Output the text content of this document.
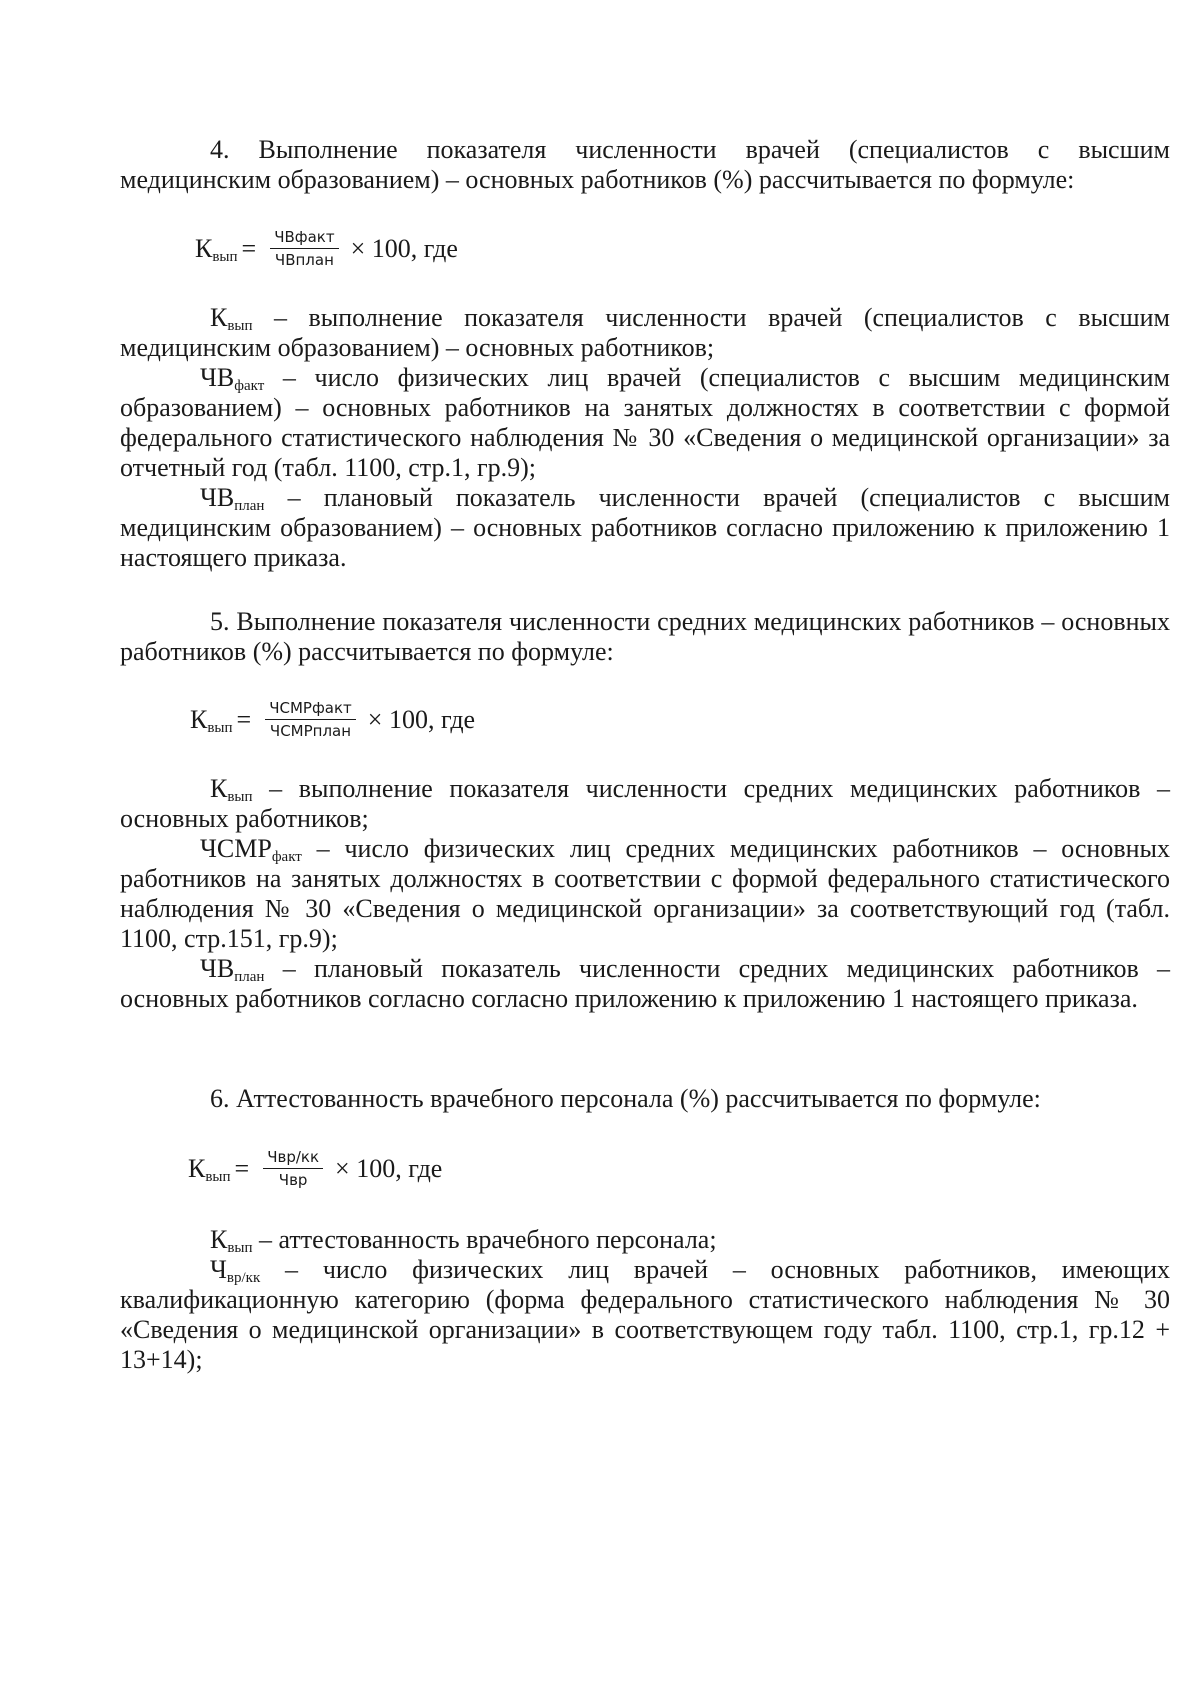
4. Выполнение показателя численности врачей (специалистов с высшим медицинским образованием) – основных работников (%) рассчитывается по формуле:

$К_{вып} = \frac{\text{ЧВфакт}}{\text{ЧВплан}} \times 100$, где

$К_{вып}$ – выполнение показателя численности врачей (специалистов с высшим медицинским образованием) – основных работников;

$ЧВ_{факт}$ – число физических лиц врачей (специалистов с высшим медицинским образованием) – основных работников на занятых должностях в соответствии с формой федерального статистического наблюдения № 30 «Сведения о медицинской организации» за отчетный год (табл. 1100, стр.1, гр.9);

$ЧВ_{план}$ – плановый показатель численности врачей (специалистов с высшим медицинским образованием) – основных работников согласно приложению к приложению 1 настоящего приказа.

5. Выполнение показателя численности средних медицинских работников – основных работников (%) рассчитывается по формуле:

$К_{вып} = \frac{\text{ЧСМРфакт}}{\text{ЧСМРплан}} \times 100$, где

$К_{вып}$ – выполнение показателя численности средних медицинских работников – основных работников;

$ЧСМР_{факт}$ – число физических лиц средних медицинских работников – основных работников на занятых должностях в соответствии с формой федерального статистического наблюдения № 30 «Сведения о медицинской организации» за соответствующий год (табл. 1100, стр.151, гр.9);

$ЧВ_{план}$ – плановый показатель численности средних медицинских работников – основных работников согласно согласно приложению к приложению 1 настоящего приказа.

6. Аттестованность врачебного персонала (%) рассчитывается по формуле:

$К_{вып} = \frac{\text{Чвр/кк}}{\text{Чвр}} \times 100$, где

$К_{вып}$ – аттестованность врачебного персонала;

$Ч_{вр/кк}$ – число физических лиц врачей – основных работников, имеющих квалификационную категорию (форма федерального статистического наблюдения № 30 «Сведения о медицинской организации» в соответствующем году табл. 1100, стр.1, гр.12 + 13+14);
